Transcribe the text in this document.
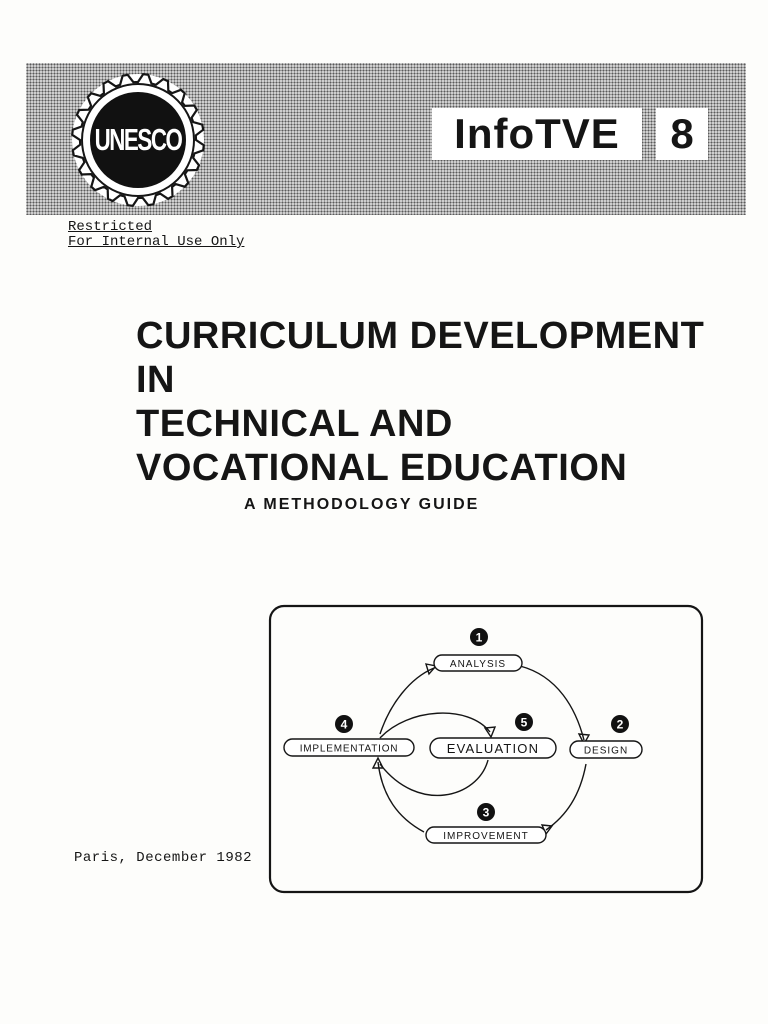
UNESCO	InfoTVE	8
Restricted
For Internal Use Only
CURRICULUM DEVELOPMENT
IN
TECHNICAL AND
VOCATIONAL EDUCATION
A METHODOLOGY GUIDE
1
ANALYSIS
2
DESIGN
3
IMPROVEMENT
4
IMPLEMENTATION
5
EVALUATION
Paris, December 1982
